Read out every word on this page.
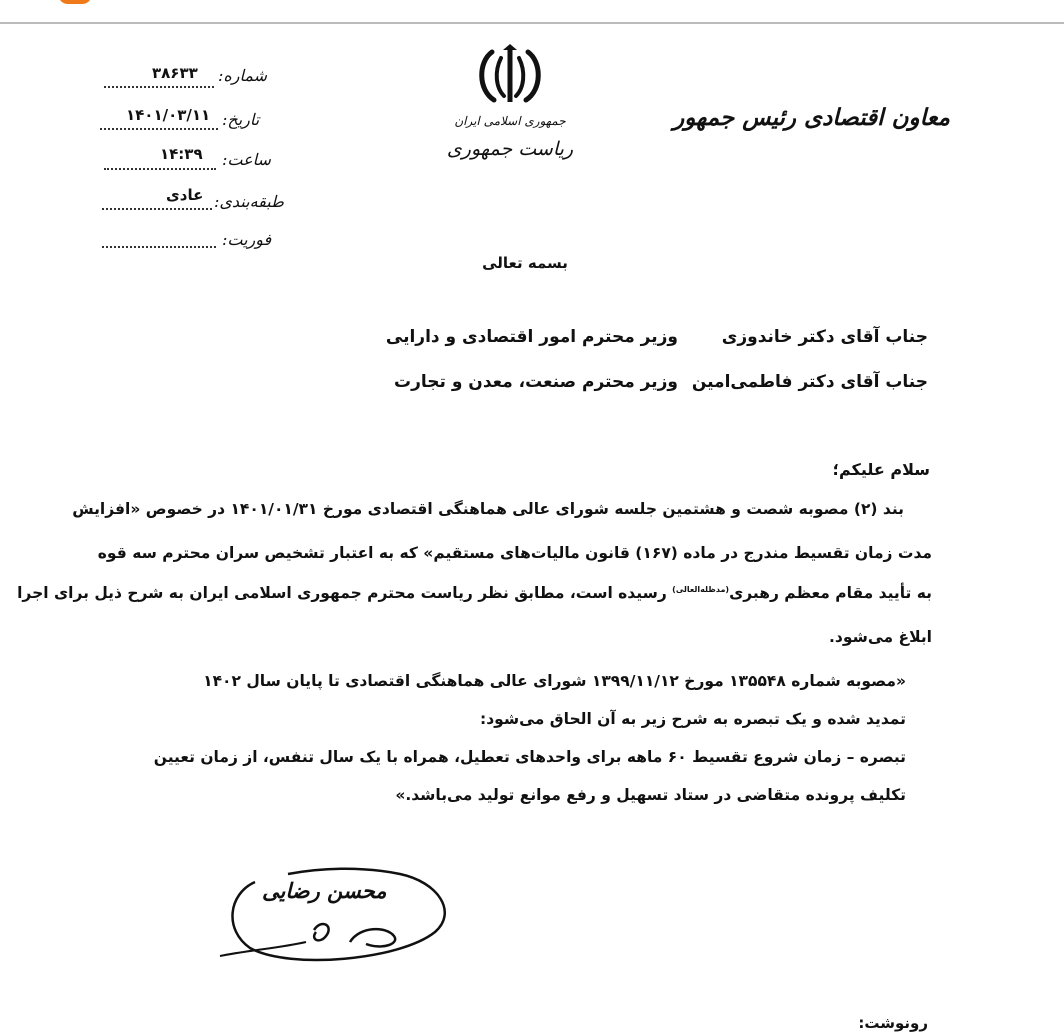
معاون اقتصادی رئیس جمهور
جمهوری اسلامی ایران
ریاست جمهوری
شماره:
۳۸۶۳۳
تاریخ:
۱۴۰۱/۰۳/۱۱
ساعت:
۱۴:۳۹
طبقه‌بندی:
عادی
فوریت:
بسمه تعالی
جناب آقای دکتر خاندوزی
وزیر محترم امور اقتصادی و دارایی
جناب آقای دکتر فاطمی‌امین
وزیر محترم صنعت، معدن و تجارت
سلام علیکم؛
بند (۲) مصوبه شصت و هشتمین جلسه شورای عالی هماهنگی اقتصادی مورخ ۱۴۰۱/۰۱/۳۱ در خصوص «افزایش
مدت زمان تقسیط مندرج در ماده (۱۶۷) قانون مالیات‌های مستقیم» که به اعتبار تشخیص سران محترم سه قوه
به تأیید مقام معظم رهبری$^{(مدظله‌العالی)}$ رسیده است، مطابق نظر ریاست محترم جمهوری اسلامی ایران به شرح ذیل برای اجرا
ابلاغ می‌شود.
«مصوبه شماره ۱۳۵۵۴۸ مورخ ۱۳۹۹/۱۱/۱۲ شورای عالی هماهنگی اقتصادی تا پایان سال ۱۴۰۲
تمدید شده و یک تبصره به شرح زیر به آن الحاق می‌شود:
تبصره – زمان شروع تقسیط ۶۰ ماهه برای واحدهای تعطیل، همراه با یک سال تنفس، از زمان تعیین
تکلیف پرونده متقاضی در ستاد تسهیل و رفع موانع تولید می‌باشد.»
محسن رضایی
رونوشت:
